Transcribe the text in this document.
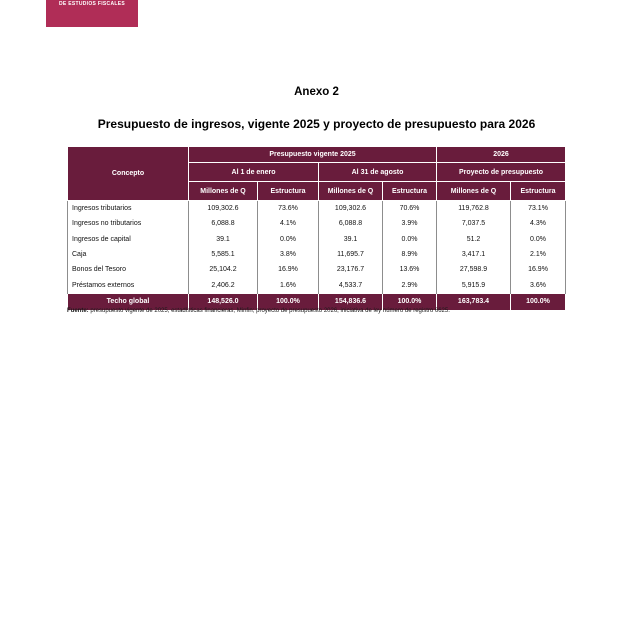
DE ESTUDIOS FISCALES
Anexo 2
Presupuesto de ingresos, vigente 2025 y proyecto de presupuesto para 2026
Concepto	Presupuesto vigente 2025				2026	
	Al 1 de enero		Al 31 de agosto		Proyecto de presupuesto	
	Millones de Q	Estructura	Millones de Q	Estructura	Millones de Q	Estructura
Ingresos tributarios	109,302.6	73.6%	109,302.6	70.6%	119,762.8	73.1%
Ingresos no tributarios	6,088.8	4.1%	6,088.8	3.9%	7,037.5	4.3%
Ingresos de capital	39.1	0.0%	39.1	0.0%	51.2	0.0%
Caja	5,585.1	3.8%	11,695.7	8.9%	3,417.1	2.1%
Bonos del Tesoro	25,104.2	16.9%	23,176.7	13.6%	27,598.9	16.9%
Préstamos externos	2,406.2	1.6%	4,533.7	2.9%	5,915.9	3.6%
Techo global	148,526.0	100.0%	154,836.6	100.0%	163,783.4	100.0%
Fuente: presupuesto vigente de 2025, estadísticas financieras, Minfin; proyecto de presupuesto 2026, iniciativa de ley número de registro 6625.
